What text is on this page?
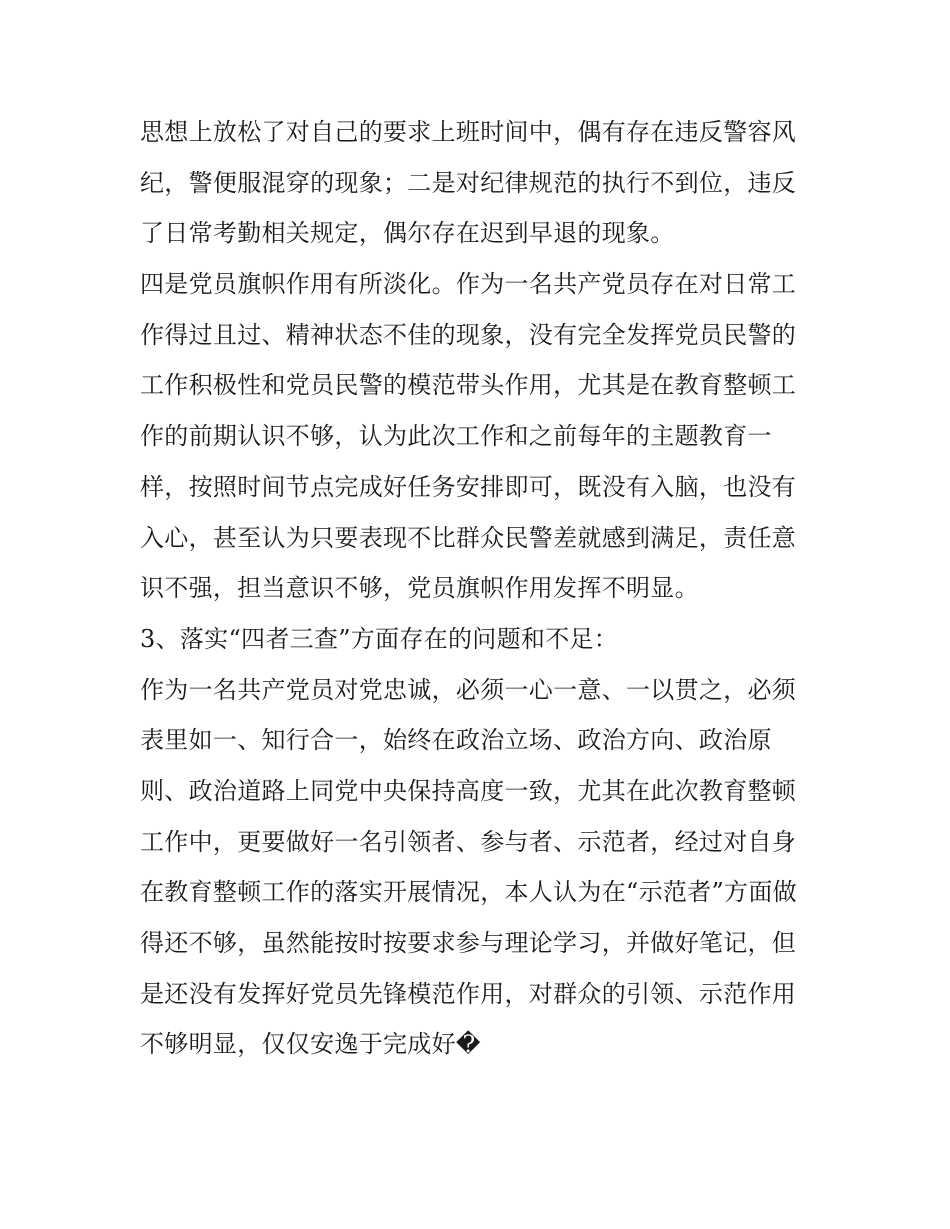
思想上放松了对自己的要求上班时间中，偶有存在违反警容风
纪，警便服混穿的现象；二是对纪律规范的执行不到位，违反
了日常考勤相关规定，偶尔存在迟到早退的现象。
四是党员旗帜作用有所淡化。作为一名共产党员存在对日常工
作得过且过、精神状态不佳的现象，没有完全发挥党员民警的
工作积极性和党员民警的模范带头作用，尤其是在教育整顿工
作的前期认识不够，认为此次工作和之前每年的主题教育一
样，按照时间节点完成好任务安排即可，既没有入脑，也没有
入心，甚至认为只要表现不比群众民警差就感到满足，责任意
识不强，担当意识不够，党员旗帜作用发挥不明显。
3、落实“四者三查”方面存在的问题和不足：
作为一名共产党员对党忠诚，必须一心一意、一以贯之，必须
表里如一、知行合一，始终在政治立场、政治方向、政治原
则、政治道路上同党中央保持高度一致，尤其在此次教育整顿
工作中，更要做好一名引领者、参与者、示范者，经过对自身
在教育整顿工作的落实开展情况，本人认为在“示范者”方面做
得还不够，虽然能按时按要求参与理论学习，并做好笔记，但
是还没有发挥好党员先锋模范作用，对群众的引领、示范作用
不够明显，仅仅安逸于完成好�
